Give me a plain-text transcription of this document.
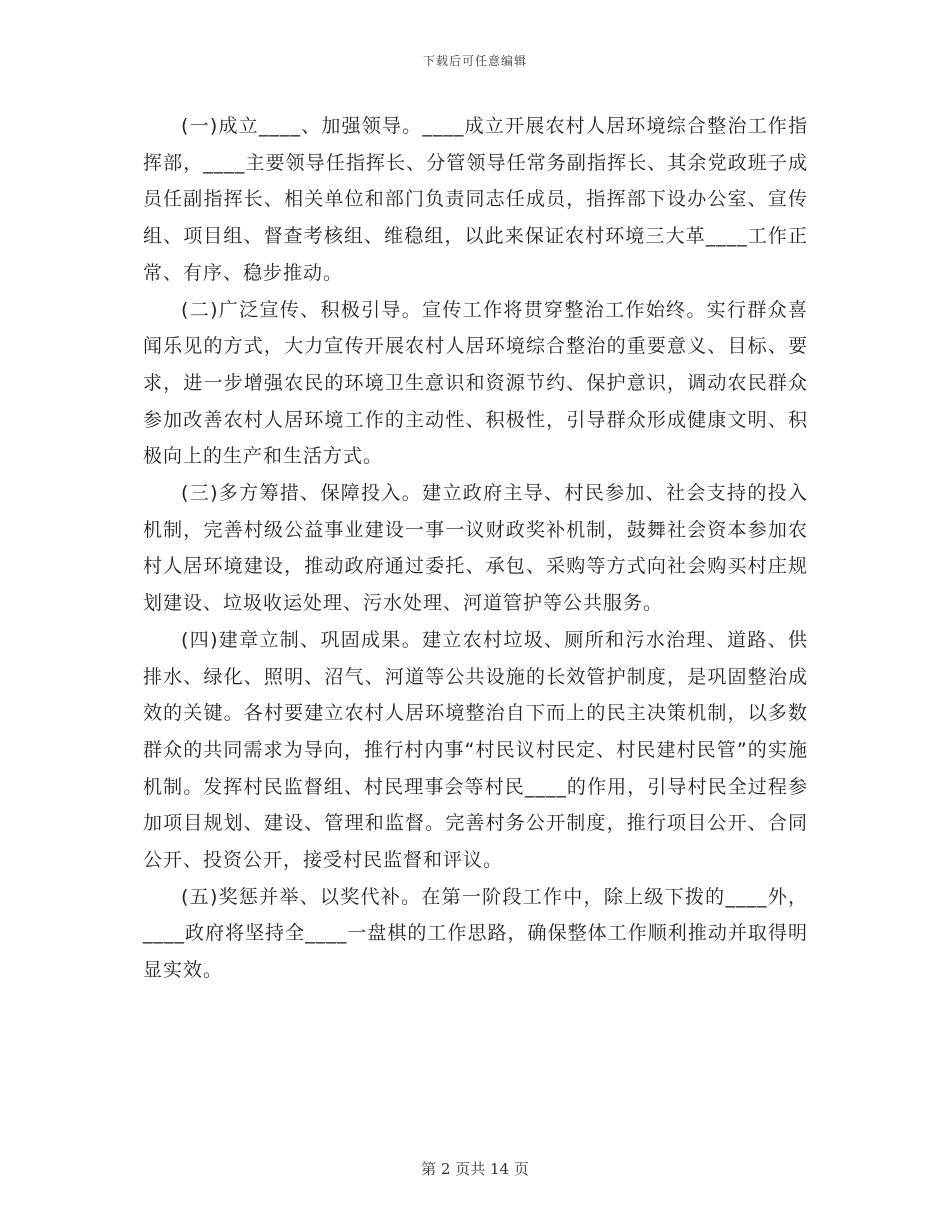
下载后可任意编辑

(一)成立____、加强领导。____成立开展农村人居环境综合整治工作指挥部，____主要领导任指挥长、分管领导任常务副指挥长、其余党政班子成员任副指挥长、相关单位和部门负责同志任成员，指挥部下设办公室、宣传组、项目组、督查考核组、维稳组，以此来保证农村环境三大革____工作正常、有序、稳步推动。

(二)广泛宣传、积极引导。宣传工作将贯穿整治工作始终。实行群众喜闻乐见的方式，大力宣传开展农村人居环境综合整治的重要意义、目标、要求，进一步增强农民的环境卫生意识和资源节约、保护意识，调动农民群众参加改善农村人居环境工作的主动性、积极性，引导群众形成健康文明、积极向上的生产和生活方式。

(三)多方筹措、保障投入。建立政府主导、村民参加、社会支持的投入机制，完善村级公益事业建设一事一议财政奖补机制，鼓舞社会资本参加农村人居环境建设，推动政府通过委托、承包、采购等方式向社会购买村庄规划建设、垃圾收运处理、污水处理、河道管护等公共服务。

(四)建章立制、巩固成果。建立农村垃圾、厕所和污水治理、道路、供排水、绿化、照明、沼气、河道等公共设施的长效管护制度，是巩固整治成效的关键。各村要建立农村人居环境整治自下而上的民主决策机制，以多数群众的共同需求为导向，推行村内事“村民议村民定、村民建村民管”的实施机制。发挥村民监督组、村民理事会等村民____的作用，引导村民全过程参加项目规划、建设、管理和监督。完善村务公开制度，推行项目公开、合同公开、投资公开，接受村民监督和评议。

(五)奖惩并举、以奖代补。在第一阶段工作中，除上级下拨的____外，____政府将坚持全____一盘棋的工作思路，确保整体工作顺利推动并取得明显实效。

第 2 页共 14 页
